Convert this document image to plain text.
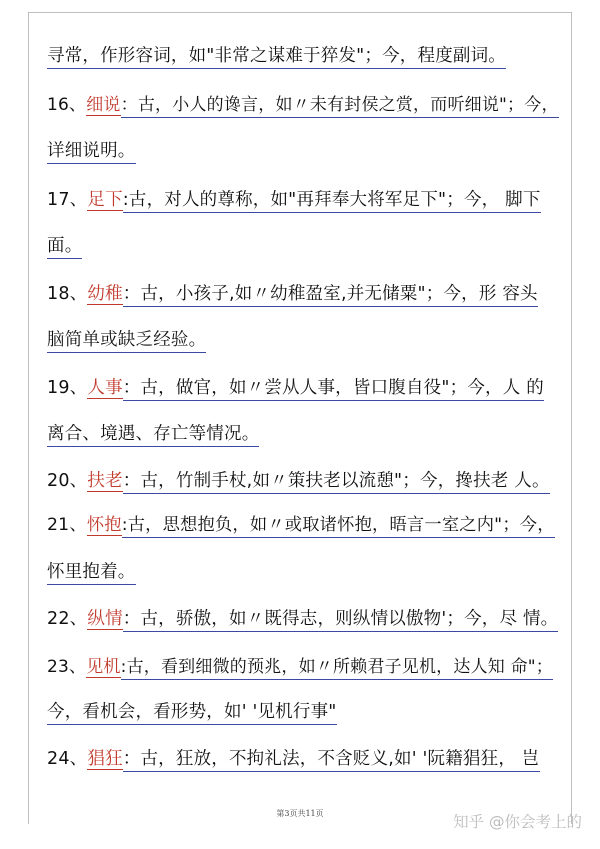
寻常，作形容词，如"非常之谋难于猝发"；今，程度副词。
16、细说：古，小人的谗言，如〃未有封侯之赏，而听细说"；今，
详细说明。
17、足下:古，对人的尊称，如"再拜奉大将军足下"；今， 脚下
面。
18、幼稚：古，小孩子,如〃幼稚盈室,并无储粟"；今，形 容头
脑简单或缺乏经验。
19、人事：古，做官，如〃尝从人事，皆口腹自役"；今，人 的
离合、境遇、存亡等情况。
20、扶老：古，竹制手杖,如〃策扶老以流憩"；今，搀扶老 人。
21、怀抱:古，思想抱负，如〃或取诸怀抱，晤言一室之内"；今，
怀里抱着。
22、纵情：古，骄傲，如〃既得志，则纵情以傲物'；今，尽 情。
23、见机:古，看到细微的预兆，如〃所赖君子见机，达人知 命"；
今，看机会，看形势，如' '见机行事"
24、猖狂：古，狂放，不拘礼法，不含贬义,如' '阮籍猖狂， 岂
第3页共11页	知乎 @你会考上的
